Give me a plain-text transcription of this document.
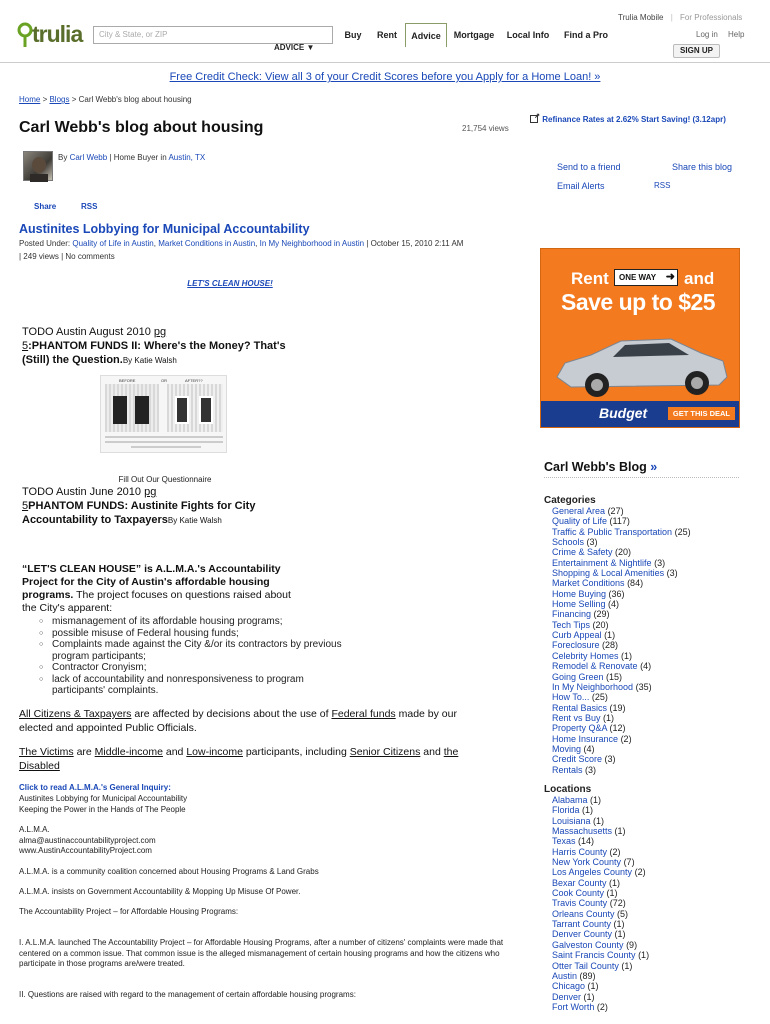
Trulia Mobile | For Professionals
trulia City & State, or ZIP	Buy	Rent	Advice	Mortgage Local Info Find a Pro
ADVICE ▼
Log in Help
SIGN UP
Free Credit Check: View all 3 of your Credit Scores before you Apply for a Home Loan! »
Home > Blogs > Carl Webb's blog about housing
↗ Refinance Rates at 2.62% Start Saving! (3.12apr)
Carl Webb's blog about housing	21,754 views
By Carl Webb | Home Buyer in Austin, TX
Send to a friend	Share this blog
Email Alerts	RSS
Share	RSS
Austinites Lobbying for Municipal Accountability
Posted Under: Quality of Life in Austin, Market Conditions in Austin, In My Neighborhood in Austin | October 15, 2010 2:11 AM
| 249 views | No comments
LET'S CLEAN HOUSE!
TODO Austin August 2010 pg
5:PHANTOM FUNDS II: Where's the Money? That's (Still) the Question.By Katie Walsh
BEFORE	OR	AFTER??
Fill Out Our Questionnaire
TODO Austin June 2010 pg
5PHANTOM FUNDS: Austinite Fights for City Accountability to TaxpayersBy Katie Walsh
“LET'S CLEAN HOUSE” is A.L.M.A.'s Accountability Project for the City of Austin's affordable housing programs. The project focuses on questions raised about the City's apparent:
○ mismanagement of its affordable housing programs;
○ possible misuse of Federal housing funds;
○ Complaints made against the City &/or its contractors by previous program participants;
○ Contractor Cronyism;
○ lack of accountability and nonresponsiveness to program participants' complaints.
All Citizens & Taxpayers are affected by decisions about the use of Federal funds made by our elected and appointed Public Officials.
The Victims are Middle-income and Low-income participants, including Senior Citizens and the Disabled
Click to read A.L.M.A.'s General Inquiry:
Austinites Lobbying for Municipal Accountability
Keeping the Power in the Hands of The People
A.L.M.A.
alma@austinaccountabilityproject.com
www.AustinAccountabilityProject.com
A.L.M.A. is a community coalition concerned about Housing Programs & Land Grabs
A.L.M.A. insists on Government Accountability & Mopping Up Misuse Of Power.
The Accountability Project – for Affordable Housing Programs:
I. A.L.M.A. launched The Accountability Project – for Affordable Housing Programs, after a number of citizens' complaints were made that centered on a common issue. That common issue is the alleged mismanagement of certain housing programs and how the citizens who participate in those programs are/were treated.
II. Questions are raised with regard to the management of certain affordable housing programs:
Rent	ONE WAY ➜ and
Save up to $25
Budget	GET THIS DEAL
Carl Webb's Blog »
Categories
General Area (27)
Quality of Life (117)
Traffic & Public Transportation (25)
Schools (3)
Crime & Safety (20)
Entertainment & Nightlife (3)
Shopping & Local Amenities (3)
Market Conditions (84)
Home Buying (36)
Home Selling (4)
Financing (29)
Tech Tips (20)
Curb Appeal (1)
Foreclosure (28)
Celebrity Homes (1)
Remodel & Renovate (4)
Going Green (15)
In My Neighborhood (35)
How To... (25)
Rental Basics (19)
Rent vs Buy (1)
Property Q&A (12)
Home Insurance (2)
Moving (4)
Credit Score (3)
Rentals (3)
Locations
Alabama (1)
Florida (1)
Louisiana (1)
Massachusetts (1)
Texas (14)
Harris County (2)
New York County (7)
Los Angeles County (2)
Bexar County (1)
Cook County (1)
Travis County (72)
Orleans County (5)
Tarrant County (1)
Denver County (1)
Galveston County (9)
Saint Francis County (1)
Otter Tail County (1)
Austin (89)
Chicago (1)
Denver (1)
Fort Worth (2)
